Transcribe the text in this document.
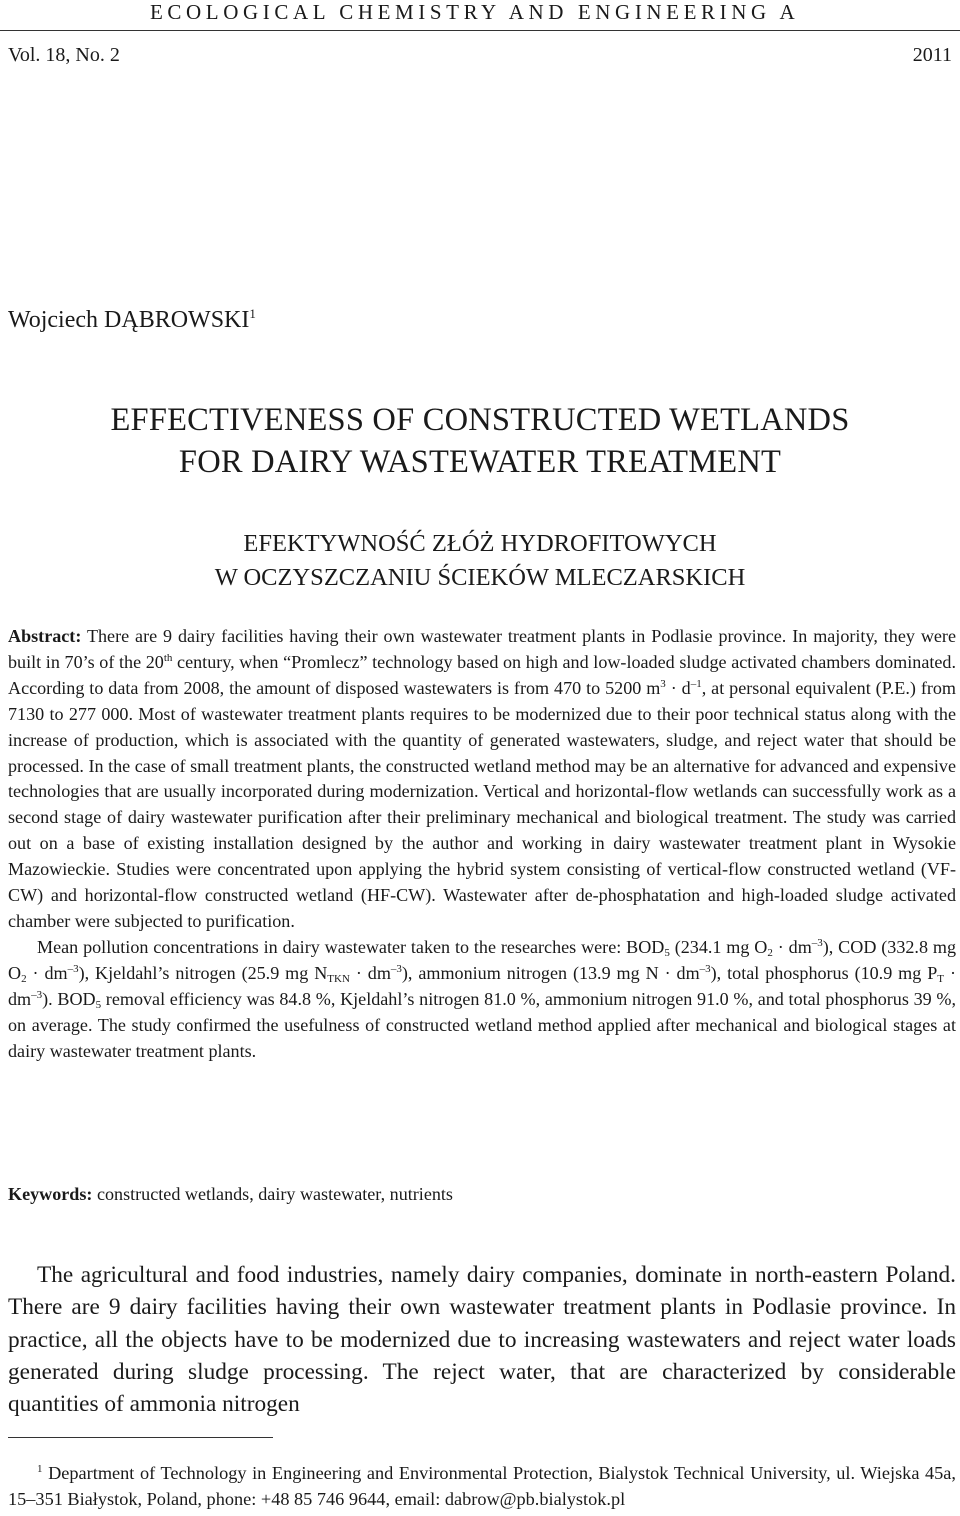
ECOLOGICAL CHEMISTRY AND ENGINEERING A
Vol. 18, No. 2	2011
Wojciech DĄBROWSKI$^1$
EFFECTIVENESS OF CONSTRUCTED WETLANDS
FOR DAIRY WASTEWATER TREATMENT
EFEKTYWNOŚĆ ZŁÓŻ HYDROFITOWYCH
W OCZYSZCZANIU ŚCIEKÓW MLECZARSKICH

Abstract: There are 9 dairy facilities having their own wastewater treatment plants in Podlasie province. In majority, they were built in 70’s of the 20th century, when “Promlecz” technology based on high and low-loaded sludge activated chambers dominated. According to data from 2008, the amount of disposed wastewaters is from 470 to 5200 $m^3 \cdot d^{-1}$, at personal equivalent (P.E.) from 7130 to 277 000. Most of wastewater treatment plants requires to be modernized due to their poor technical status along with the increase of production, which is associated with the quantity of generated wastewaters, sludge, and reject water that should be processed. In the case of small treatment plants, the constructed wetland method may be an alternative for advanced and expensive technologies that are usually incorporated during modernization. Vertical and horizontal-flow wetlands can successfully work as a second stage of dairy wastewater purification after their preliminary mechanical and biological treatment. The study was carried out on a base of existing installation designed by the author and working in dairy wastewater treatment plant in Wysokie Mazowieckie. Studies were concentrated upon applying the hybrid system consisting of vertical-flow constructed wetland (VF-CW) and horizontal-flow constructed wetland (HF-CW). Wastewater after de-phosphatation and high-loaded sludge activated chamber were subjected to purification.

Mean pollution concentrations in dairy wastewater taken to the researches were: $BOD_5$ (234.1 mg $O_2 \cdot dm^{-3}$), COD (332.8 mg $O_2 \cdot dm^{-3}$), Kjeldahl’s nitrogen (25.9 mg $N_{TKN} \cdot dm^{-3}$), ammonium nitrogen (13.9 mg $N \cdot dm^{-3}$), total phosphorus (10.9 mg $P_T \cdot dm^{-3}$). $BOD_5$ removal efficiency was 84.8 %, Kjeldahl’s nitrogen 81.0 %, ammonium nitrogen 91.0 %, and total phosphorus 39 %, on average. The study confirmed the usefulness of constructed wetland method applied after mechanical and biological stages at dairy wastewater treatment plants.

Keywords: constructed wetlands, dairy wastewater, nutrients
The agricultural and food industries, namely dairy companies, dominate in north-eastern Poland. There are 9 dairy facilities having their own wastewater treatment plants in Podlasie province. In practice, all the objects have to be modernized due to increasing wastewaters and reject water loads generated during sludge processing. The reject water, that are characterized by considerable quantities of ammonia nitrogen
$^1$ Department of Technology in Engineering and Environmental Protection, Bialystok Technical University, ul. Wiejska 45a, 15–351 Białystok, Poland, phone: +48 85 746 9644, email: dabrow@pb.bialystok.pl
